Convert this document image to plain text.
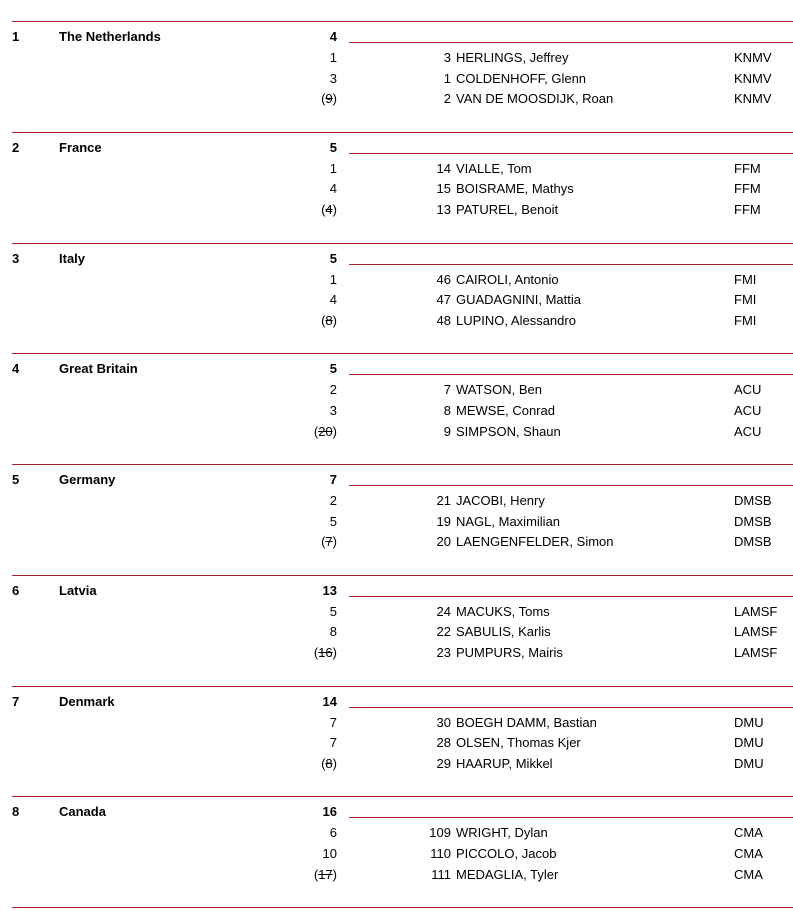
1	The Netherlands	4
1	3 HERLINGS, Jeffrey	KNMV
3	1 COLDENHOFF, Glenn	KNMV
(9)	2 VAN DE MOOSDIJK, Roan	KNMV
2	France	5
1	14 VIALLE, Tom	FFM
4	15 BOISRAME, Mathys	FFM
(4)	13 PATUREL, Benoit	FFM
3	Italy	5
1	46 CAIROLI, Antonio	FMI
4	47 GUADAGNINI, Mattia	FMI
(8)	48 LUPINO, Alessandro	FMI
4	Great Britain	5
2	7 WATSON, Ben	ACU
3	8 MEWSE, Conrad	ACU
(20)	9 SIMPSON, Shaun	ACU
5	Germany	7
2	21 JACOBI, Henry	DMSB
5	19 NAGL, Maximilian	DMSB
(7)	20 LAENGENFELDER, Simon	DMSB
6	Latvia	13
5	24 MACUKS, Toms	LAMSF
8	22 SABULIS, Karlis	LAMSF
(16)	23 PUMPURS, Mairis	LAMSF
7	Denmark	14
7	30 BOEGH DAMM, Bastian	DMU
7	28 OLSEN, Thomas Kjer	DMU
(8)	29 HAARUP, Mikkel	DMU
8	Canada	16
6	109 WRIGHT, Dylan	CMA
10	110 PICCOLO, Jacob	CMA
(17)	111 MEDAGLIA, Tyler	CMA
